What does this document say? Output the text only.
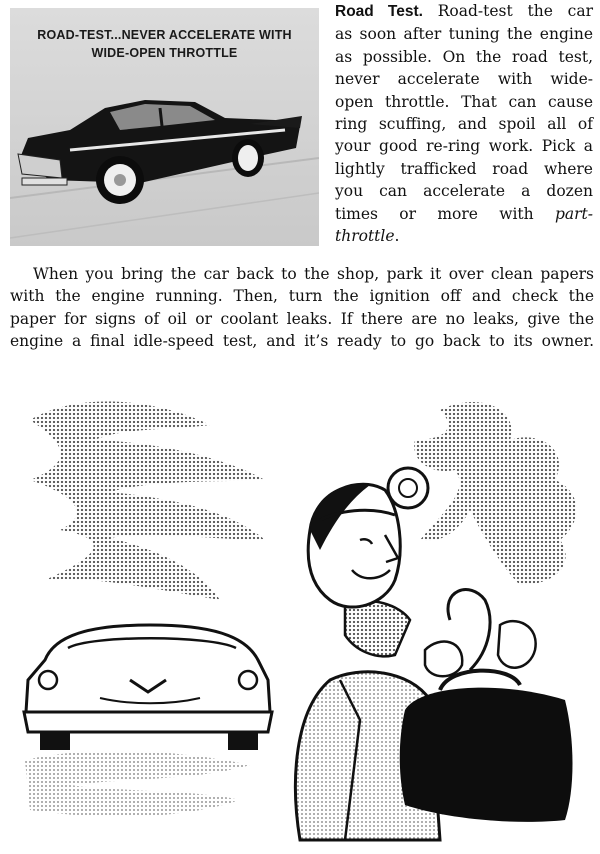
ROAD-TEST...NEVER ACCELERATE WITH
WIDE-OPEN THROTTLE
Road Test. Road-test the car
as soon after tuning the engine
as possible. On the road test,
never accelerate with wide-
open throttle. That can cause
ring scuffing, and spoil all of
your good re-ring work. Pick a
lightly trafficked road where
you can accelerate a dozen
times or more with part-
throttle.
When you bring the car back to the shop, park it over clean papers
with the engine running. Then, turn the ignition off and check the
paper for signs of oil or coolant leaks. If there are no leaks, give the
engine a final idle-speed test, and it’s ready to go back to its owner.
